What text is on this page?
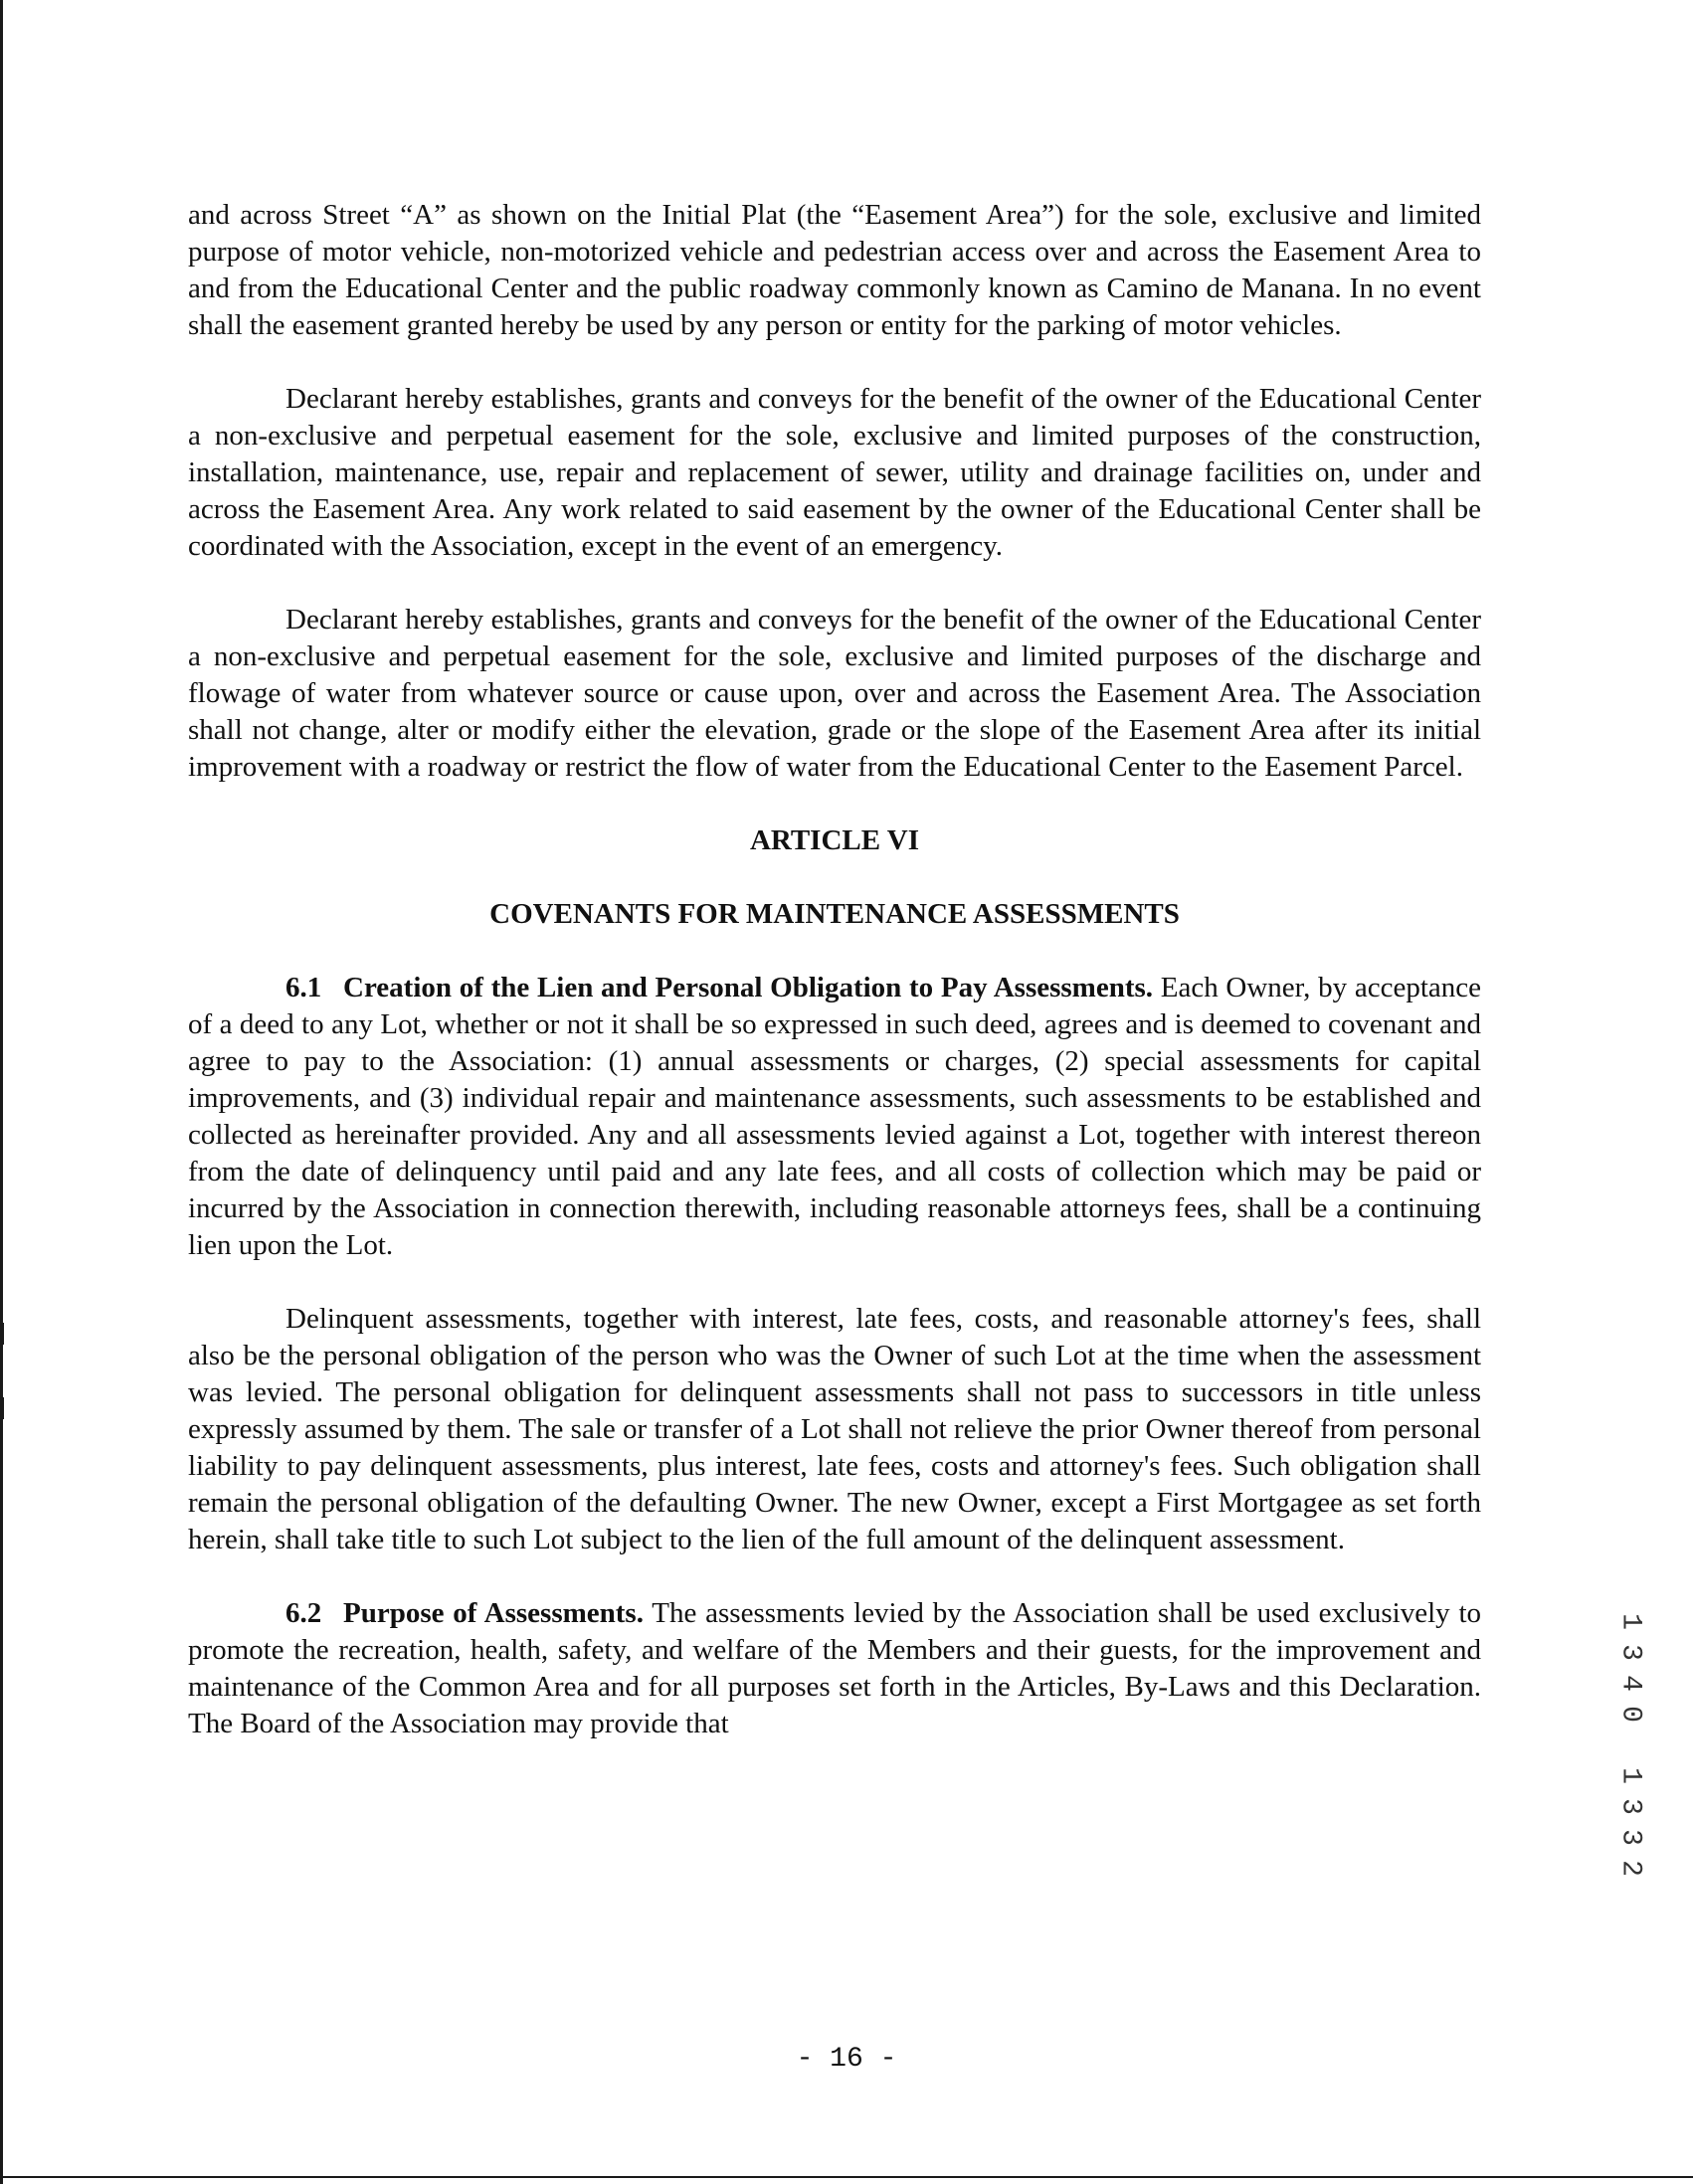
and across Street “A” as shown on the Initial Plat (the “Easement Area”) for the sole, exclusive and limited purpose of motor vehicle, non-motorized vehicle and pedestrian access over and across the Easement Area to and from the Educational Center and the public roadway commonly known as Camino de Manana. In no event shall the easement granted hereby be used by any person or entity for the parking of motor vehicles.

Declarant hereby establishes, grants and conveys for the benefit of the owner of the Educational Center a non-exclusive and perpetual easement for the sole, exclusive and limited purposes of the construction, installation, maintenance, use, repair and replacement of sewer, utility and drainage facilities on, under and across the Easement Area. Any work related to said easement by the owner of the Educational Center shall be coordinated with the Association, except in the event of an emergency.

Declarant hereby establishes, grants and conveys for the benefit of the owner of the Educational Center a non-exclusive and perpetual easement for the sole, exclusive and limited purposes of the discharge and flowage of water from whatever source or cause upon, over and across the Easement Area. The Association shall not change, alter or modify either the elevation, grade or the slope of the Easement Area after its initial improvement with a roadway or restrict the flow of water from the Educational Center to the Easement Parcel.

ARTICLE VI
COVENANTS FOR MAINTENANCE ASSESSMENTS

6.1 Creation of the Lien and Personal Obligation to Pay Assessments. Each Owner, by acceptance of a deed to any Lot, whether or not it shall be so expressed in such deed, agrees and is deemed to covenant and agree to pay to the Association: (1) annual assessments or charges, (2) special assessments for capital improvements, and (3) individual repair and maintenance assessments, such assessments to be established and collected as hereinafter provided. Any and all assessments levied against a Lot, together with interest thereon from the date of delinquency until paid and any late fees, and all costs of collection which may be paid or incurred by the Association in connection therewith, including reasonable attorneys fees, shall be a continuing lien upon the Lot.

Delinquent assessments, together with interest, late fees, costs, and reasonable attorney's fees, shall also be the personal obligation of the person who was the Owner of such Lot at the time when the assessment was levied. The personal obligation for delinquent assessments shall not pass to successors in title unless expressly assumed by them. The sale or transfer of a Lot shall not relieve the prior Owner thereof from personal liability to pay delinquent assessments, plus interest, late fees, costs and attorney's fees. Such obligation shall remain the personal obligation of the defaulting Owner. The new Owner, except a First Mortgagee as set forth herein, shall take title to such Lot subject to the lien of the full amount of the delinquent assessment.

6.2 Purpose of Assessments. The assessments levied by the Association shall be used exclusively to promote the recreation, health, safety, and welfare of the Members and their guests, for the improvement and maintenance of the Common Area and for all purposes set forth in the Articles, By-Laws and this Declaration. The Board of the Association may provide that

- 16 -
1
3
4
0

1
3
3
2
